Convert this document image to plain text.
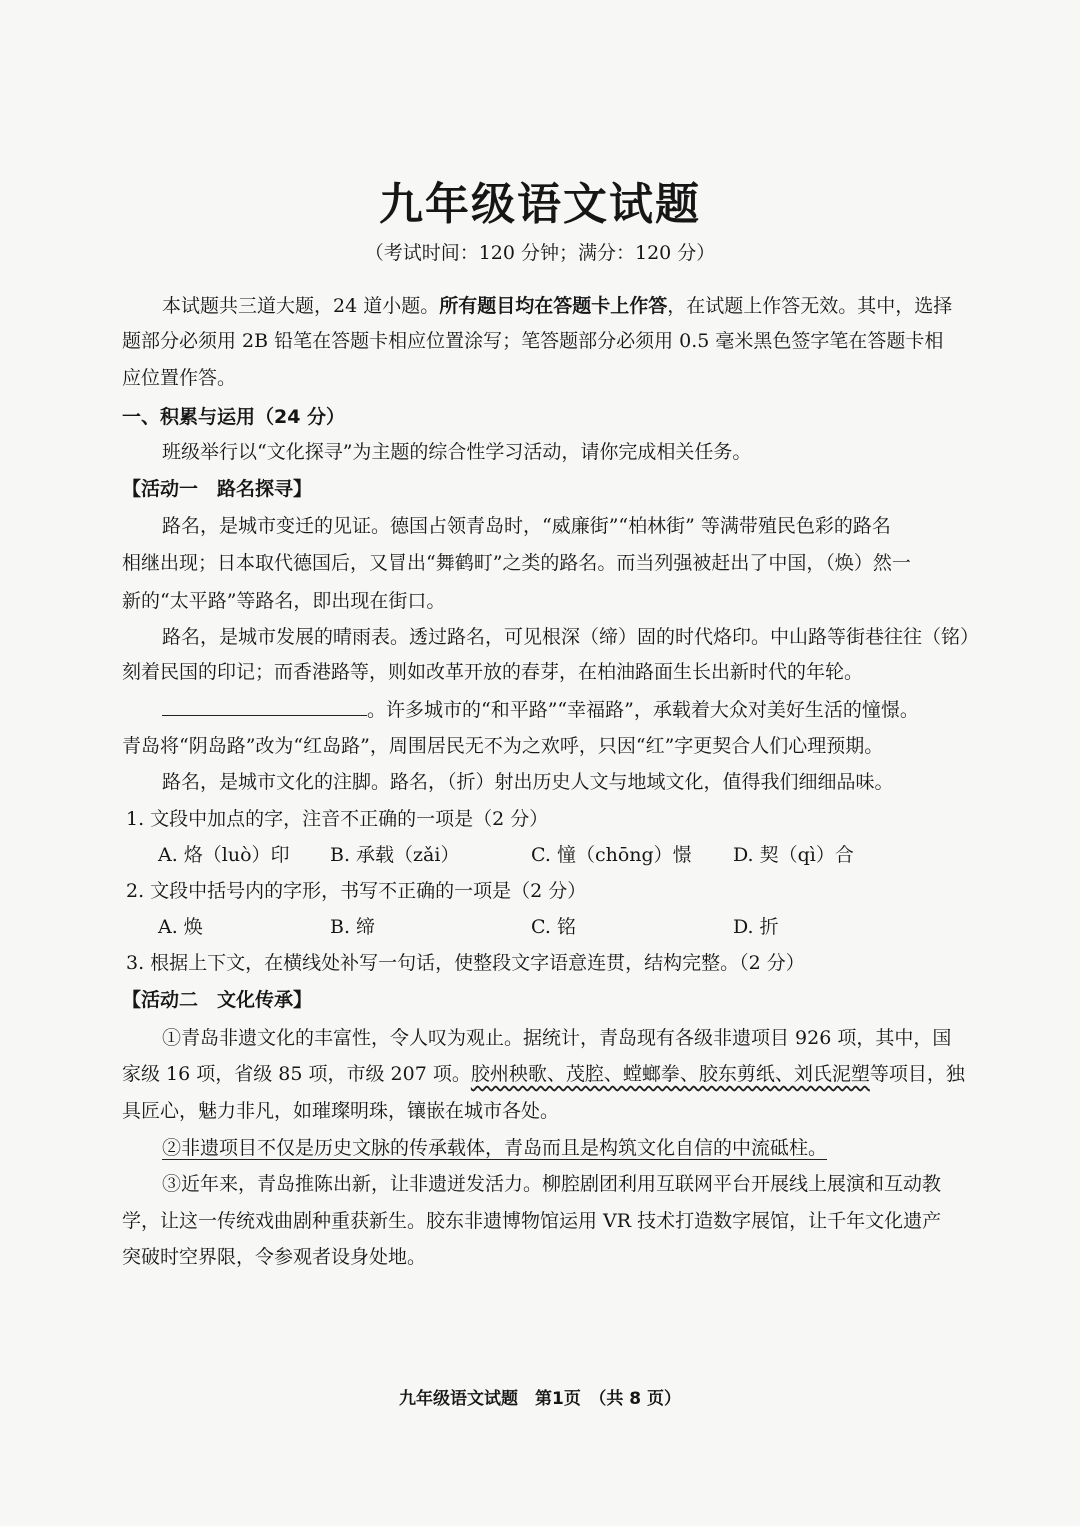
九年级语文试题
（考试时间：120 分钟；满分：120 分）
本试题共三道大题，24 道小题。所有题目均在答题卡上作答，在试题上作答无效。其中，选择
题部分必须用 2B 铅笔在答题卡相应位置涂写；笔答题部分必须用 0.5 毫米黑色签字笔在答题卡相
应位置作答。
一、积累与运用（24 分）
班级举行以“文化探寻”为主题的综合性学习活动，请你完成相关任务。
【活动一　路名探寻】
路名，是城市变迁的见证。德国占领青岛时，“威廉街”“柏林街” 等满带殖民色彩的路名
相继出现；日本取代德国后，又冒出“舞鹤町”之类的路名。而当列强被赶出了中国，（焕）然一
新的“太平路”等路名，即出现在街口。
路名，是城市发展的晴雨表。透过路名，可见根深（缔）固的时代烙印。中山路等街巷往往（铭）
刻着民国的印记；而香港路等，则如改革开放的春芽，在柏油路面生长出新时代的年轮。
。许多城市的“和平路”“幸福路”，承载着大众对美好生活的憧憬。
青岛将“阴岛路”改为“红岛路”，周围居民无不为之欢呼，只因“红”字更契合人们心理预期。
路名，是城市文化的注脚。路名，（折）射出历史人文与地域文化，值得我们细细品味。
1. 文段中加点的字，注音不正确的一项是（2 分）
A. 烙（luò）印 B. 承载（zǎi）	C. 憧（chōng）憬 D. 契（qì）合
2. 文段中括号内的字形，书写不正确的一项是（2 分）
A. 焕	B. 缔	C. 铭	D. 折
3. 根据上下文，在横线处补写一句话，使整段文字语意连贯，结构完整。（2 分）
【活动二　文化传承】
①青岛非遗文化的丰富性，令人叹为观止。据统计，青岛现有各级非遗项目 926 项，其中，国
家级 16 项，省级 85 项，市级 207 项。胶州秧歌、茂腔、螳螂拳、胶东剪纸、刘氏泥塑等项目，独
具匠心，魅力非凡，如璀璨明珠，镶嵌在城市各处。
②非遗项目不仅是历史文脉的传承载体，青岛而且是构筑文化自信的中流砥柱。
③近年来，青岛推陈出新，让非遗迸发活力。柳腔剧团利用互联网平台开展线上展演和互动教
学，让这一传统戏曲剧种重获新生。胶东非遗博物馆运用 VR 技术打造数字展馆，让千年文化遗产
突破时空界限，令参观者设身处地。
九年级语文试题　第1页　（共 8 页）
